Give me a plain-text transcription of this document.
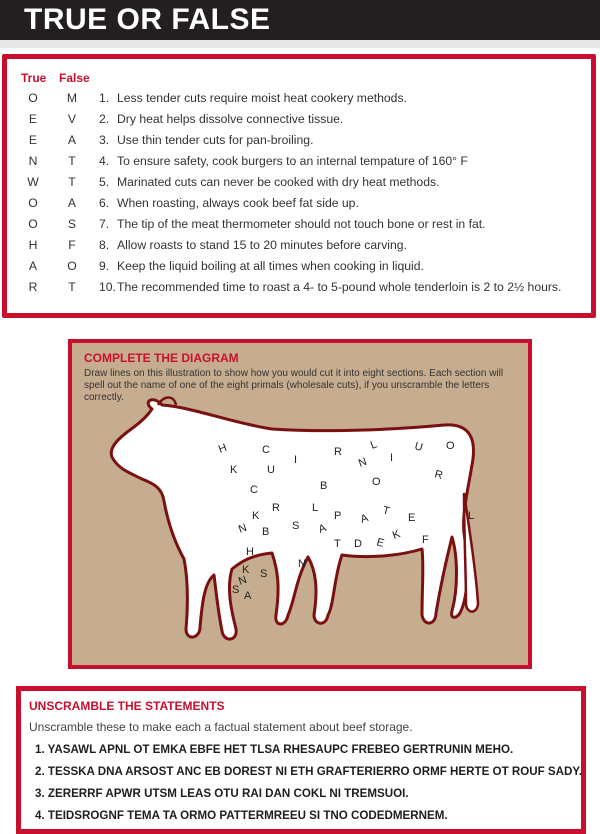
TRUE OR FALSE
True False
O M 1. Less tender cuts require moist heat cookery methods.
E	V 2. Dry heat helps dissolve connective tissue.
E	A 3. Use thin tender cuts for pan-broiling.
N	T 4. To ensure safety, cook burgers to an internal tempature of 160° F
W T 5. Marinated cuts can never be cooked with dry heat methods.
O A 6. When roasting, always cook beef fat side up.
O S 7. The tip of the meat thermometer should not touch bone or rest in fat.
H	F 8. Allow roasts to stand 15 to 20 minutes before carving.
A O 9. Keep the liquid boiling at all times when cooking in liquid.
R	T 10. The recommended time to roast a 4- to 5-pound whole tenderloin is 2 to 2½ hours.
COMPLETE THE DIAGRAM
Draw lines on this illustration to show how you would cut it into eight sections. Each section will spell out the name of one of the eight primals (wholesale cuts), if you unscramble the letters correctly.
H	C
U
I
R
L
I
U O
K
N
C	B	O
R
N
K
R	L
P A
T
E
B S A
N
D E
T
K F
L
H
K
N
S A
S
UNSCRAMBLE THE STATEMENTS
Unscramble these to make each a factual statement about beef storage.
1. YASAWL APNL OT EMKA EBFE HET TLSA RHESAUPC FREBEO GERTRUNIN MEHO.
2. TESSKA DNA ARSOST ANC EB DOREST NI ETH GRAFTERIERRO ORMF HERTE OT ROUF SADY.
3. ZERERRF APWR UTSM LEAS OTU RAI DAN COKL NI TREMSUOI.
4. TEIDSROGNF TEMA TA ORMO PATTERMREEU SI TNO CODEDMERNEM.
